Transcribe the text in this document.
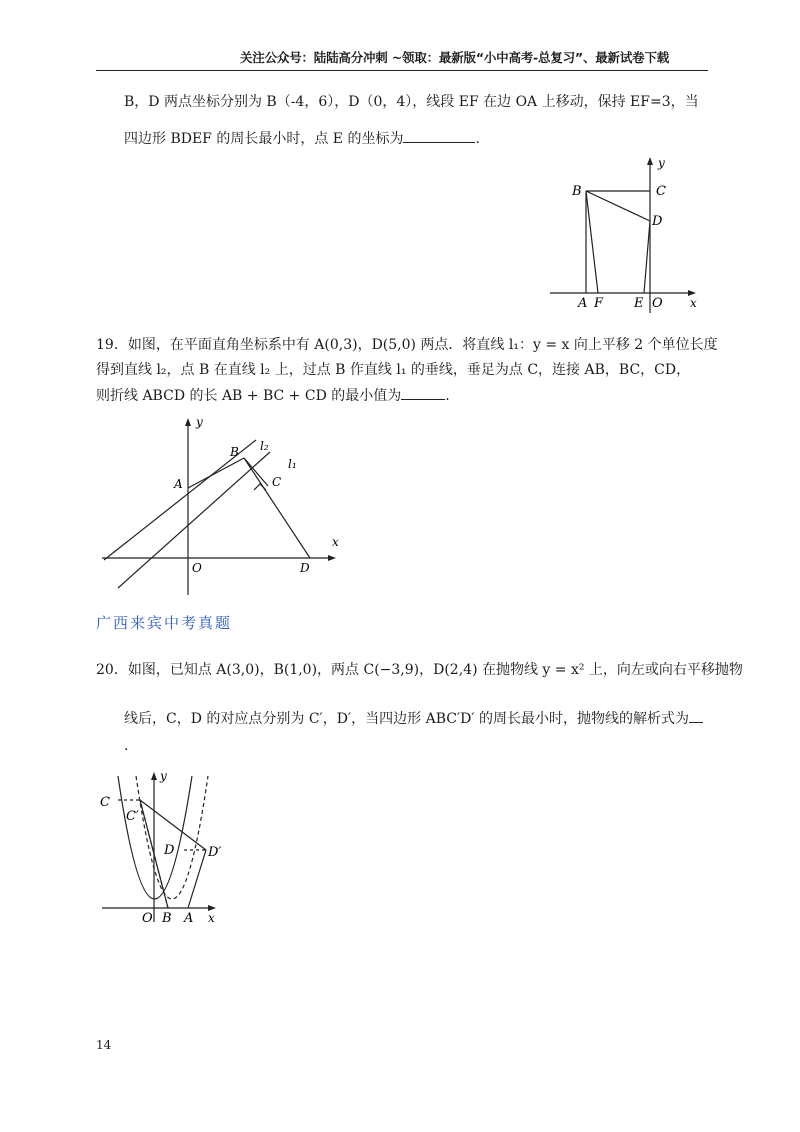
关注公众号：陆陆高分冲刺 ~领取：最新版“小中高考-总复习”、最新试卷下载
B，D 两点坐标分别为 B（-4，6），D（0，4），线段 EF 在边 OA 上移动，保持 EF=3，当
四边形 BDEF 的周长最小时，点 E 的坐标为	.
y
B	C
D
A F E O x
19．如图，在平面直角坐标系中有 A(0,3)，D(5,0) 两点．将直线 l₁：y = x 向上平移 2 个单位长度
得到直线 l₂，点 B 在直线 l₂ 上，过点 B 作直线 l₁ 的垂线，垂足为点 C，连接 AB，BC，CD，
则折线 ABCD 的长 AB + BC + CD 的最小值为	.
y
A
B l₂
l₁
C
O	D
x
广西来宾中考真题
20．如图，已知点 A(3,0)，B(1,0)，两点 C(−3,9)，D(2,4) 在抛物线 y = x² 上，向左或向右平移抛物
线后，C，D 的对应点分别为 C′，D′，当四边形 ABC′D′ 的周长最小时，抛物线的解析式为
.
y
C
C′
D	D′
O B A x
14
